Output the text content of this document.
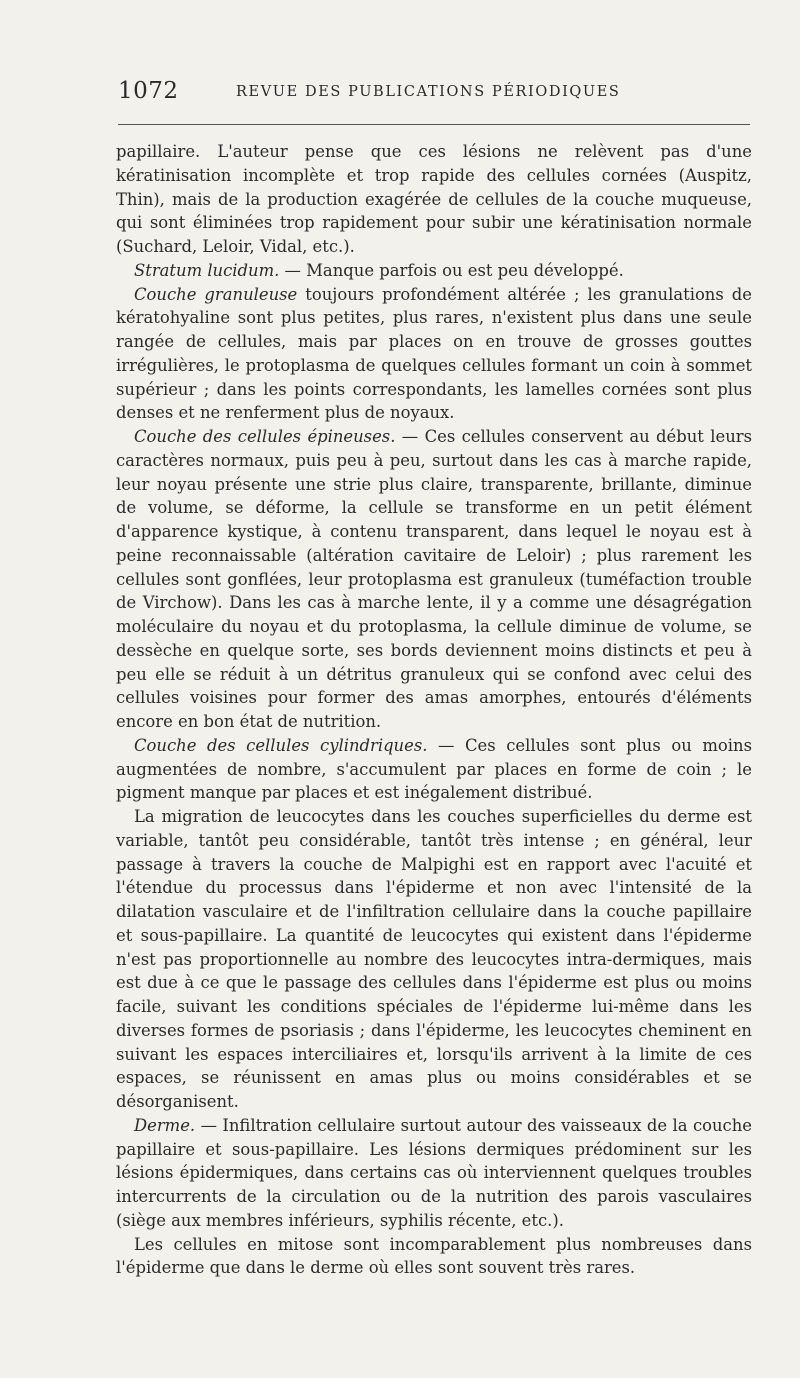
1072	REVUE DES PUBLICATIONS PÉRIODIQUES

papillaire. L'auteur pense que ces lésions ne relèvent pas d'une kératinisation incomplète et trop rapide des cellules cornées (Auspitz, Thin), mais de la production exagérée de cellules de la couche muqueuse, qui sont éliminées trop rapidement pour subir une kératinisation normale (Suchard, Leloir, Vidal, etc.).

Stratum lucidum. — Manque parfois ou est peu développé.

Couche granuleuse toujours profondément altérée ; les granulations de kératohyaline sont plus petites, plus rares, n'existent plus dans une seule rangée de cellules, mais par places on en trouve de grosses gouttes irrégulières, le protoplasma de quelques cellules formant un coin à sommet supérieur ; dans les points correspondants, les lamelles cornées sont plus denses et ne renferment plus de noyaux.

Couche des cellules épineuses. — Ces cellules conservent au début leurs caractères normaux, puis peu à peu, surtout dans les cas à marche rapide, leur noyau présente une strie plus claire, transparente, brillante, diminue de volume, se déforme, la cellule se transforme en un petit élément d'apparence kystique, à contenu transparent, dans lequel le noyau est à peine reconnaissable (altération cavitaire de Leloir) ; plus rarement les cellules sont gonflées, leur protoplasma est granuleux (tuméfaction trouble de Virchow). Dans les cas à marche lente, il y a comme une désagrégation moléculaire du noyau et du protoplasma, la cellule diminue de volume, se dessèche en quelque sorte, ses bords deviennent moins distincts et peu à peu elle se réduit à un détritus granuleux qui se confond avec celui des cellules voisines pour former des amas amorphes, entourés d'éléments encore en bon état de nutrition.

Couche des cellules cylindriques. — Ces cellules sont plus ou moins augmentées de nombre, s'accumulent par places en forme de coin ; le pigment manque par places et est inégalement distribué.

La migration de leucocytes dans les couches superficielles du derme est variable, tantôt peu considérable, tantôt très intense ; en général, leur passage à travers la couche de Malpighi est en rapport avec l'acuité et l'étendue du processus dans l'épiderme et non avec l'intensité de la dilatation vasculaire et de l'infiltration cellulaire dans la couche papillaire et sous-papillaire. La quantité de leucocytes qui existent dans l'épiderme n'est pas proportionnelle au nombre des leucocytes intra-dermiques, mais est due à ce que le passage des cellules dans l'épiderme est plus ou moins facile, suivant les conditions spéciales de l'épiderme lui-même dans les diverses formes de psoriasis ; dans l'épiderme, les leucocytes cheminent en suivant les espaces interciliaires et, lorsqu'ils arrivent à la limite de ces espaces, se réunissent en amas plus ou moins considérables et se désorganisent.

Derme. — Infiltration cellulaire surtout autour des vaisseaux de la couche papillaire et sous-papillaire. Les lésions dermiques prédominent sur les lésions épidermiques, dans certains cas où interviennent quelques troubles intercurrents de la circulation ou de la nutrition des parois vasculaires (siège aux membres inférieurs, syphilis récente, etc.).

Les cellules en mitose sont incomparablement plus nombreuses dans l'épiderme que dans le derme où elles sont souvent très rares.
